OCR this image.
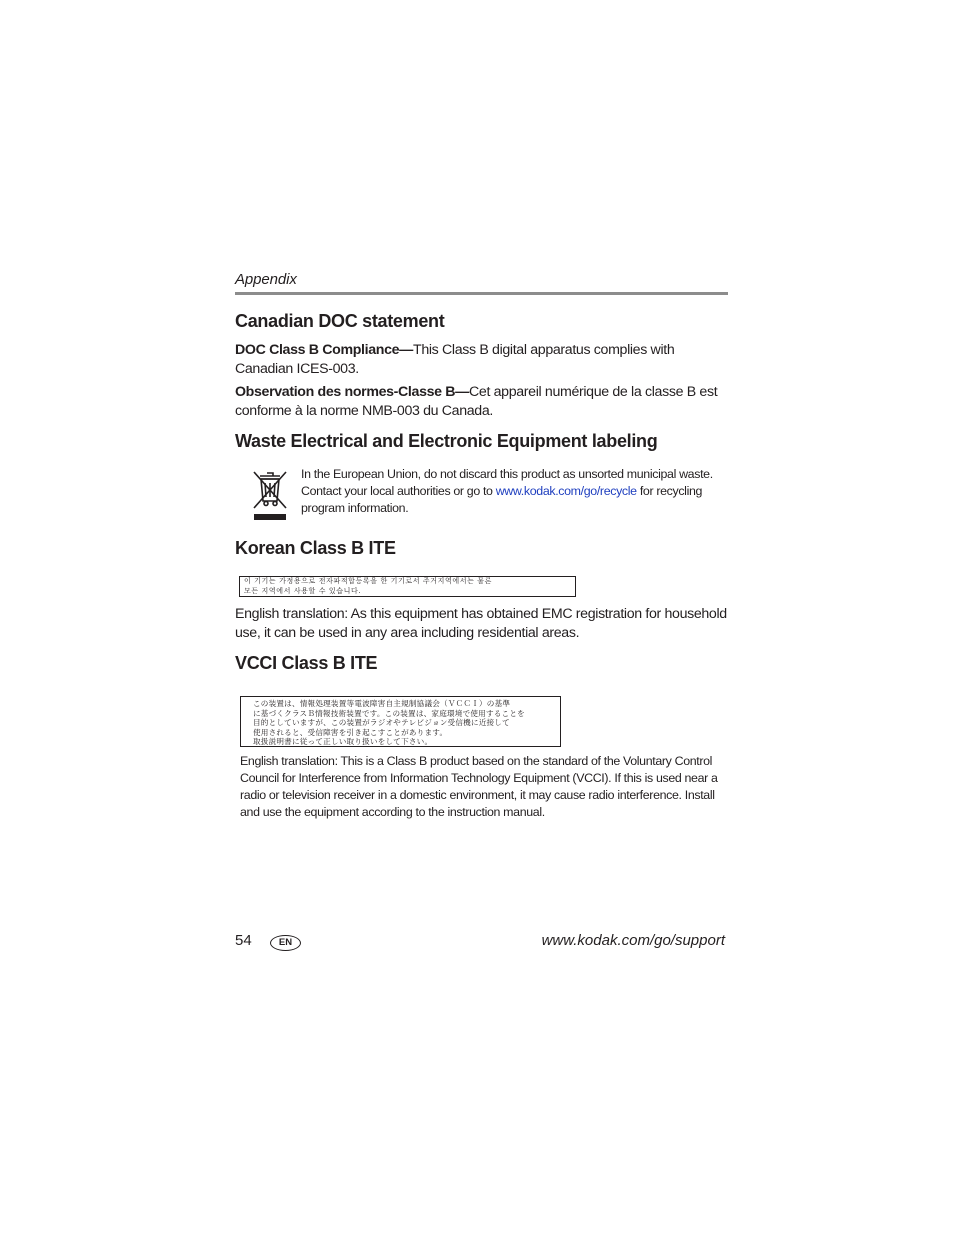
Appendix
Canadian DOC statement

DOC Class B Compliance—This Class B digital apparatus complies with Canadian ICES-003.

Observation des normes-Classe B—Cet appareil numérique de la classe B est conforme à la norme NMB-003 du Canada.

Waste Electrical and Electronic Equipment labeling

In the European Union, do not discard this product as unsorted municipal waste. Contact your local authorities or go to www.kodak.com/go/recycle for recycling program information.

Korean Class B ITE
이 기기는 가정용으로 전자파적합등록을 한 기기로서 주거지역에서는 물론
모든 지역에서 사용할 수 있습니다.

English translation: As this equipment has obtained EMC registration for household use, it can be used in any area including residential areas.

VCCI Class B ITE
この装置は、情報処理装置等電波障害自主規制協議会（ＶＣＣＩ）の基準
に基づくクラスＢ情報技術装置です。この装置は、家庭環境で使用することを
目的としていますが、この装置がラジオやテレビジョン受信機に近接して
使用されると、受信障害を引き起こすことがあります。
取扱説明書に従って正しい取り扱いをして下さい。

English translation: This is a Class B product based on the standard of the Voluntary Control Council for Interference from Information Technology Equipment (VCCI). If this is used near a radio or television receiver in a domestic environment, it may cause radio interference. Install and use the equipment according to the instruction manual.

54	EN	www.kodak.com/go/support
